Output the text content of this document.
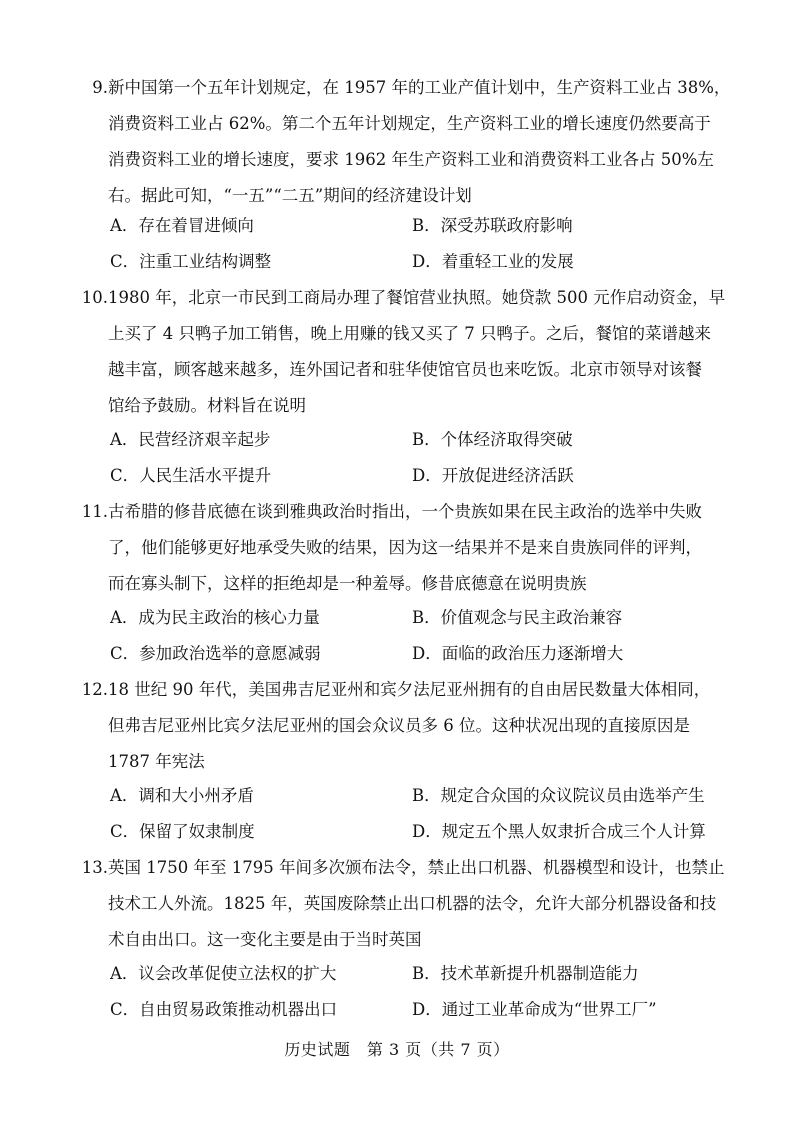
9.新中国第一个五年计划规定，在 1957 年的工业产值计划中，生产资料工业占 38%，
消费资料工业占 62%。第二个五年计划规定，生产资料工业的增长速度仍然要高于
消费资料工业的增长速度，要求 1962 年生产资料工业和消费资料工业各占 50%左
右。据此可知，“一五”“二五”期间的经济建设计划
A．存在着冒进倾向	B．深受苏联政府影响
C．注重工业结构调整	D．着重轻工业的发展
10.1980 年，北京一市民到工商局办理了餐馆营业执照。她贷款 500 元作启动资金，早
上买了 4 只鸭子加工销售，晚上用赚的钱又买了 7 只鸭子。之后，餐馆的菜谱越来
越丰富，顾客越来越多，连外国记者和驻华使馆官员也来吃饭。北京市领导对该餐
馆给予鼓励。材料旨在说明
A．民营经济艰辛起步	B．个体经济取得突破
C．人民生活水平提升	D．开放促进经济活跃
11.古希腊的修昔底德在谈到雅典政治时指出，一个贵族如果在民主政治的选举中失败
了，他们能够更好地承受失败的结果，因为这一结果并不是来自贵族同伴的评判，
而在寡头制下，这样的拒绝却是一种羞辱。修昔底德意在说明贵族
A．成为民主政治的核心力量	B．价值观念与民主政治兼容
C．参加政治选举的意愿减弱	D．面临的政治压力逐渐增大
12.18 世纪 90 年代，美国弗吉尼亚州和宾夕法尼亚州拥有的自由居民数量大体相同，
但弗吉尼亚州比宾夕法尼亚州的国会众议员多 6 位。这种状况出现的直接原因是
1787 年宪法
A．调和大小州矛盾	B．规定合众国的众议院议员由选举产生
C．保留了奴隶制度	D．规定五个黑人奴隶折合成三个人计算
13.英国 1750 年至 1795 年间多次颁布法令，禁止出口机器、机器模型和设计，也禁止
技术工人外流。1825 年，英国废除禁止出口机器的法令，允许大部分机器设备和技
术自由出口。这一变化主要是由于当时英国
A．议会改革促使立法权的扩大	B．技术革新提升机器制造能力
C．自由贸易政策推动机器出口	D．通过工业革命成为“世界工厂”
历史试题　第 3 页（共 7 页）
